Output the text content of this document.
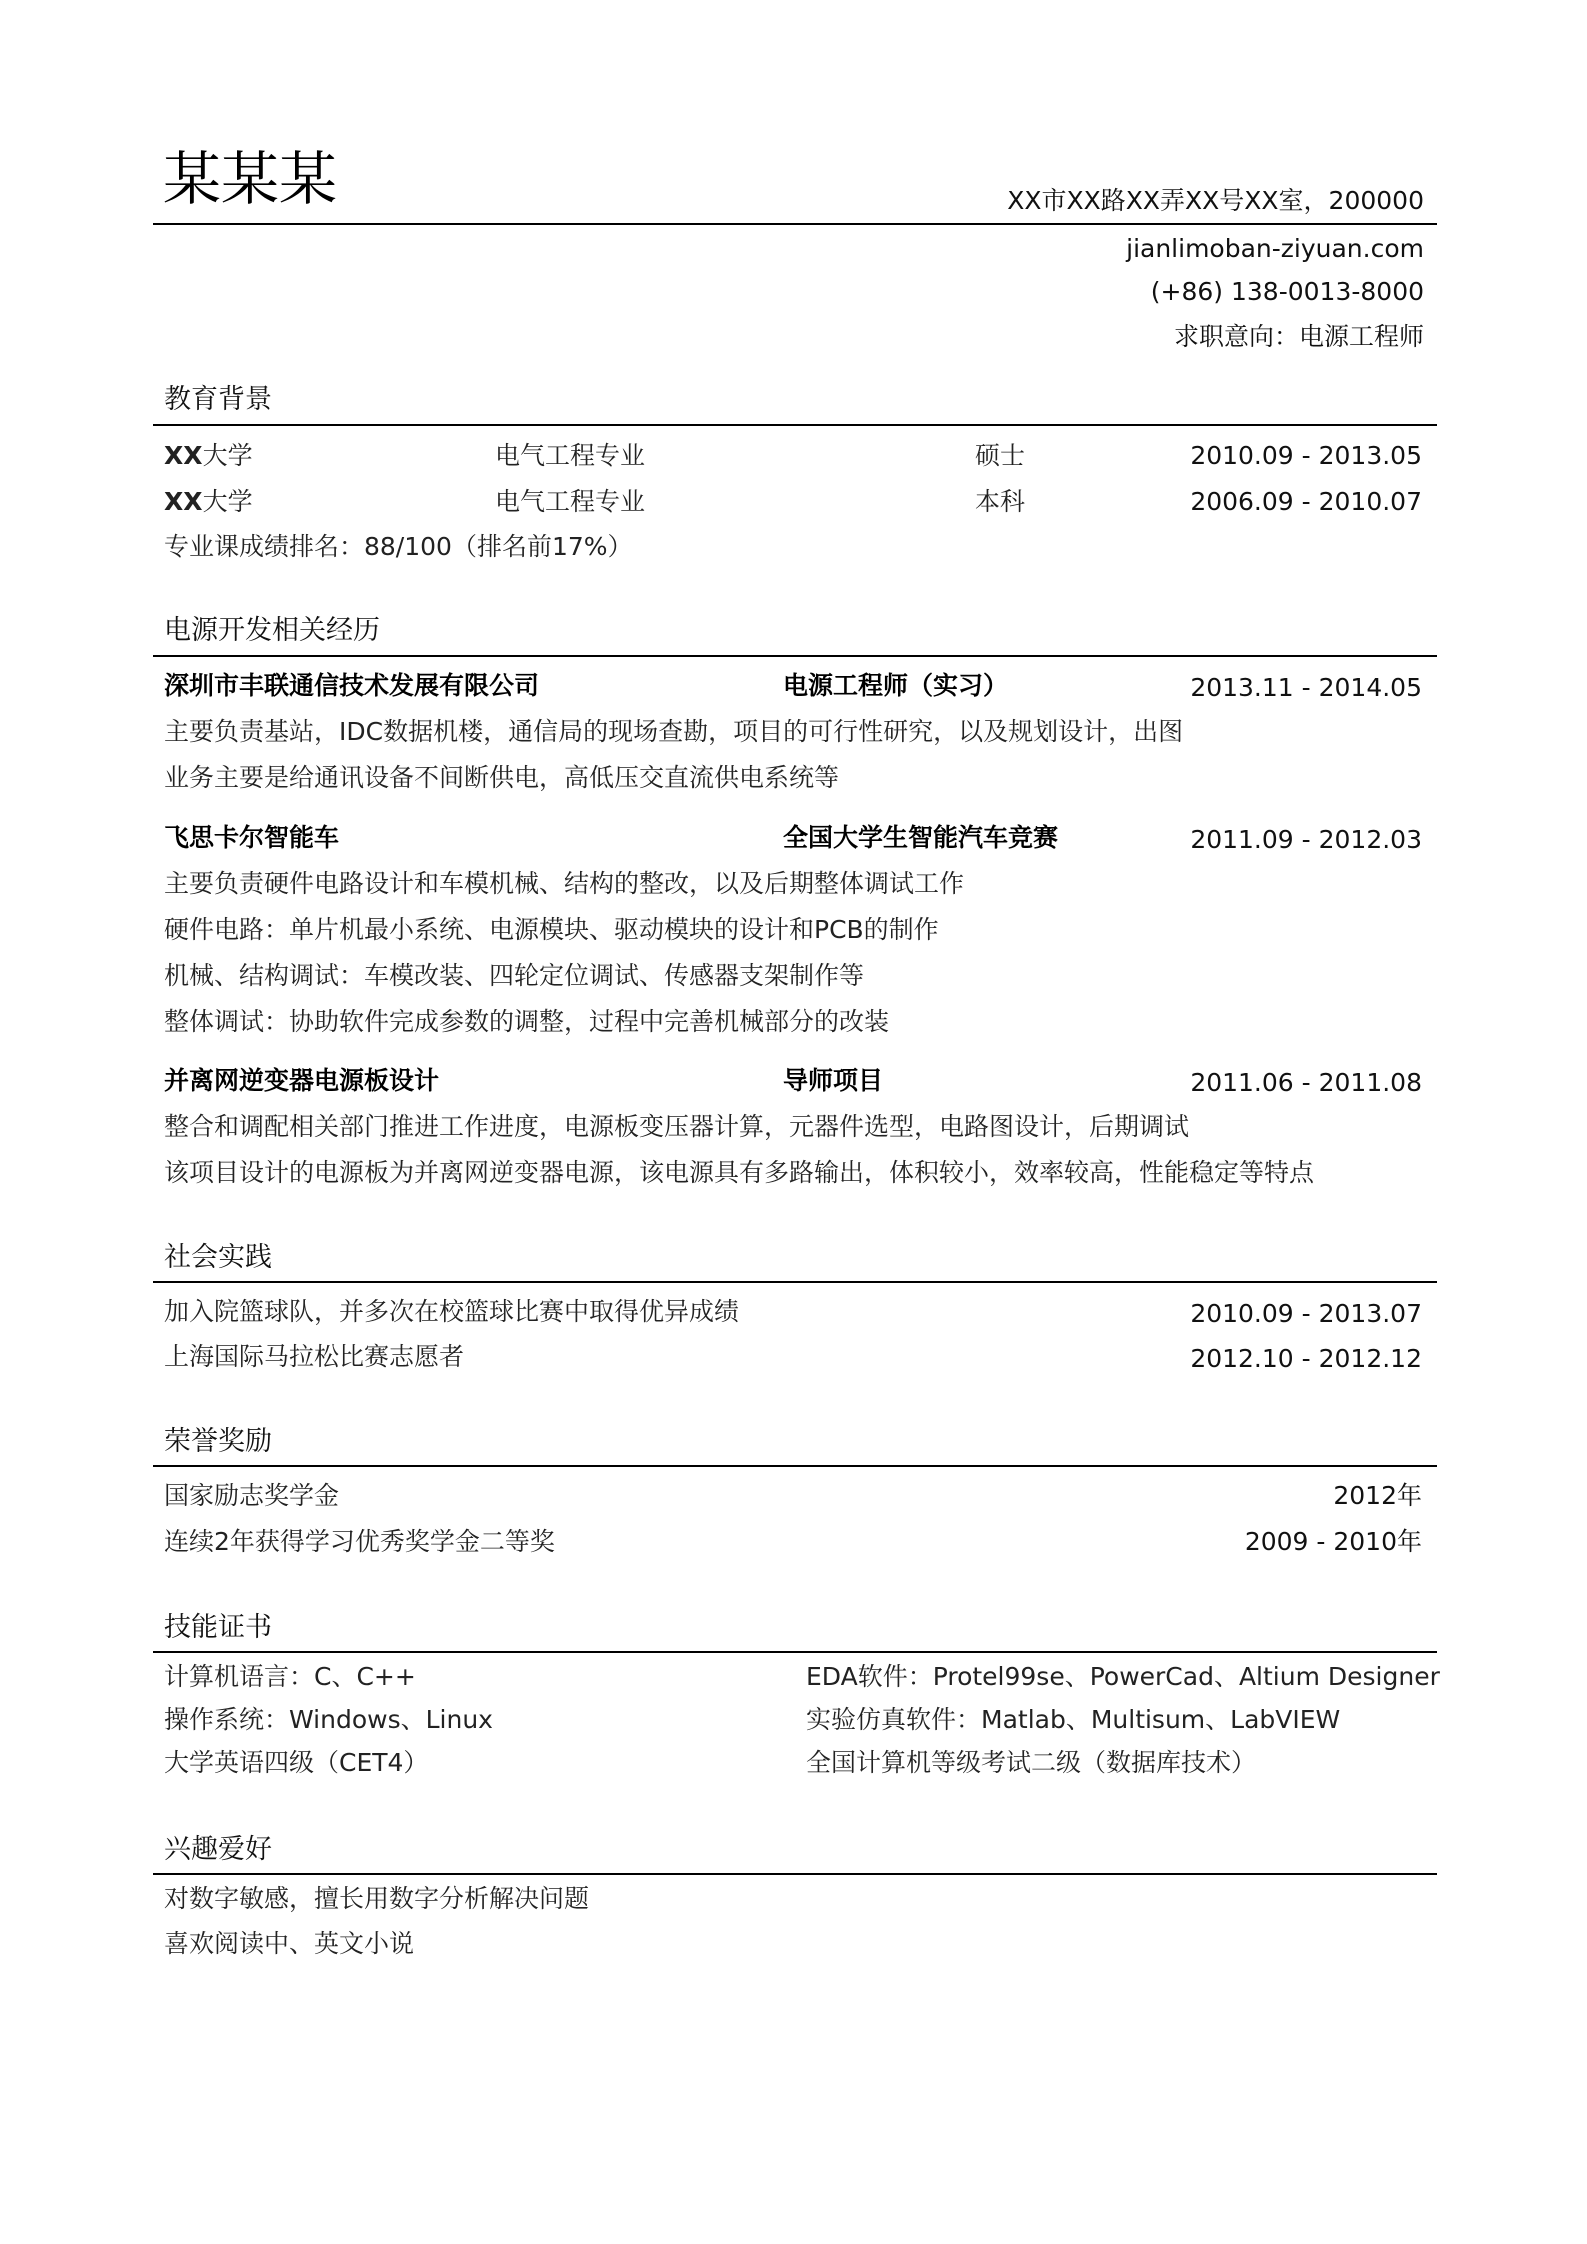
某某某	XX市XX路XX弄XX号XX室，200000
jianlimoban-ziyuan.com
(+86) 138-0013-8000
求职意向：电源工程师
教育背景
XX大学	电气工程专业	硕士	2010.09 - 2013.05
XX大学	电气工程专业	本科	2006.09 - 2010.07
专业课成绩排名：88/100（排名前17%）
电源开发相关经历
深圳市丰联通信技术发展有限公司	电源工程师（实习）	2013.11 - 2014.05
主要负责基站，IDC数据机楼，通信局的现场查勘，项目的可行性研究，以及规划设计，出图
业务主要是给通讯设备不间断供电，高低压交直流供电系统等
飞思卡尔智能车	全国大学生智能汽车竞赛	2011.09 - 2012.03
主要负责硬件电路设计和车模机械、结构的整改，以及后期整体调试工作
硬件电路：单片机最小系统、电源模块、驱动模块的设计和PCB的制作
机械、结构调试：车模改装、四轮定位调试、传感器支架制作等
整体调试：协助软件完成参数的调整，过程中完善机械部分的改装
并离网逆变器电源板设计	导师项目	2011.06 - 2011.08
整合和调配相关部门推进工作进度，电源板变压器计算，元器件选型，电路图设计，后期调试
该项目设计的电源板为并离网逆变器电源，该电源具有多路输出，体积较小，效率较高，性能稳定等特点
社会实践
加入院篮球队，并多次在校篮球比赛中取得优异成绩	2010.09 - 2013.07
上海国际马拉松比赛志愿者	2012.10 - 2012.12
荣誉奖励
国家励志奖学金	2012年
连续2年获得学习优秀奖学金二等奖	2009 - 2010年
技能证书
计算机语言：C、C++	EDA软件：Protel99se、PowerCad、Altium Designer
操作系统：Windows、Linux	实验仿真软件：Matlab、Multisum、LabVIEW
大学英语四级（CET4）	全国计算机等级考试二级（数据库技术）
兴趣爱好
对数字敏感，擅长用数字分析解决问题
喜欢阅读中、英文小说
